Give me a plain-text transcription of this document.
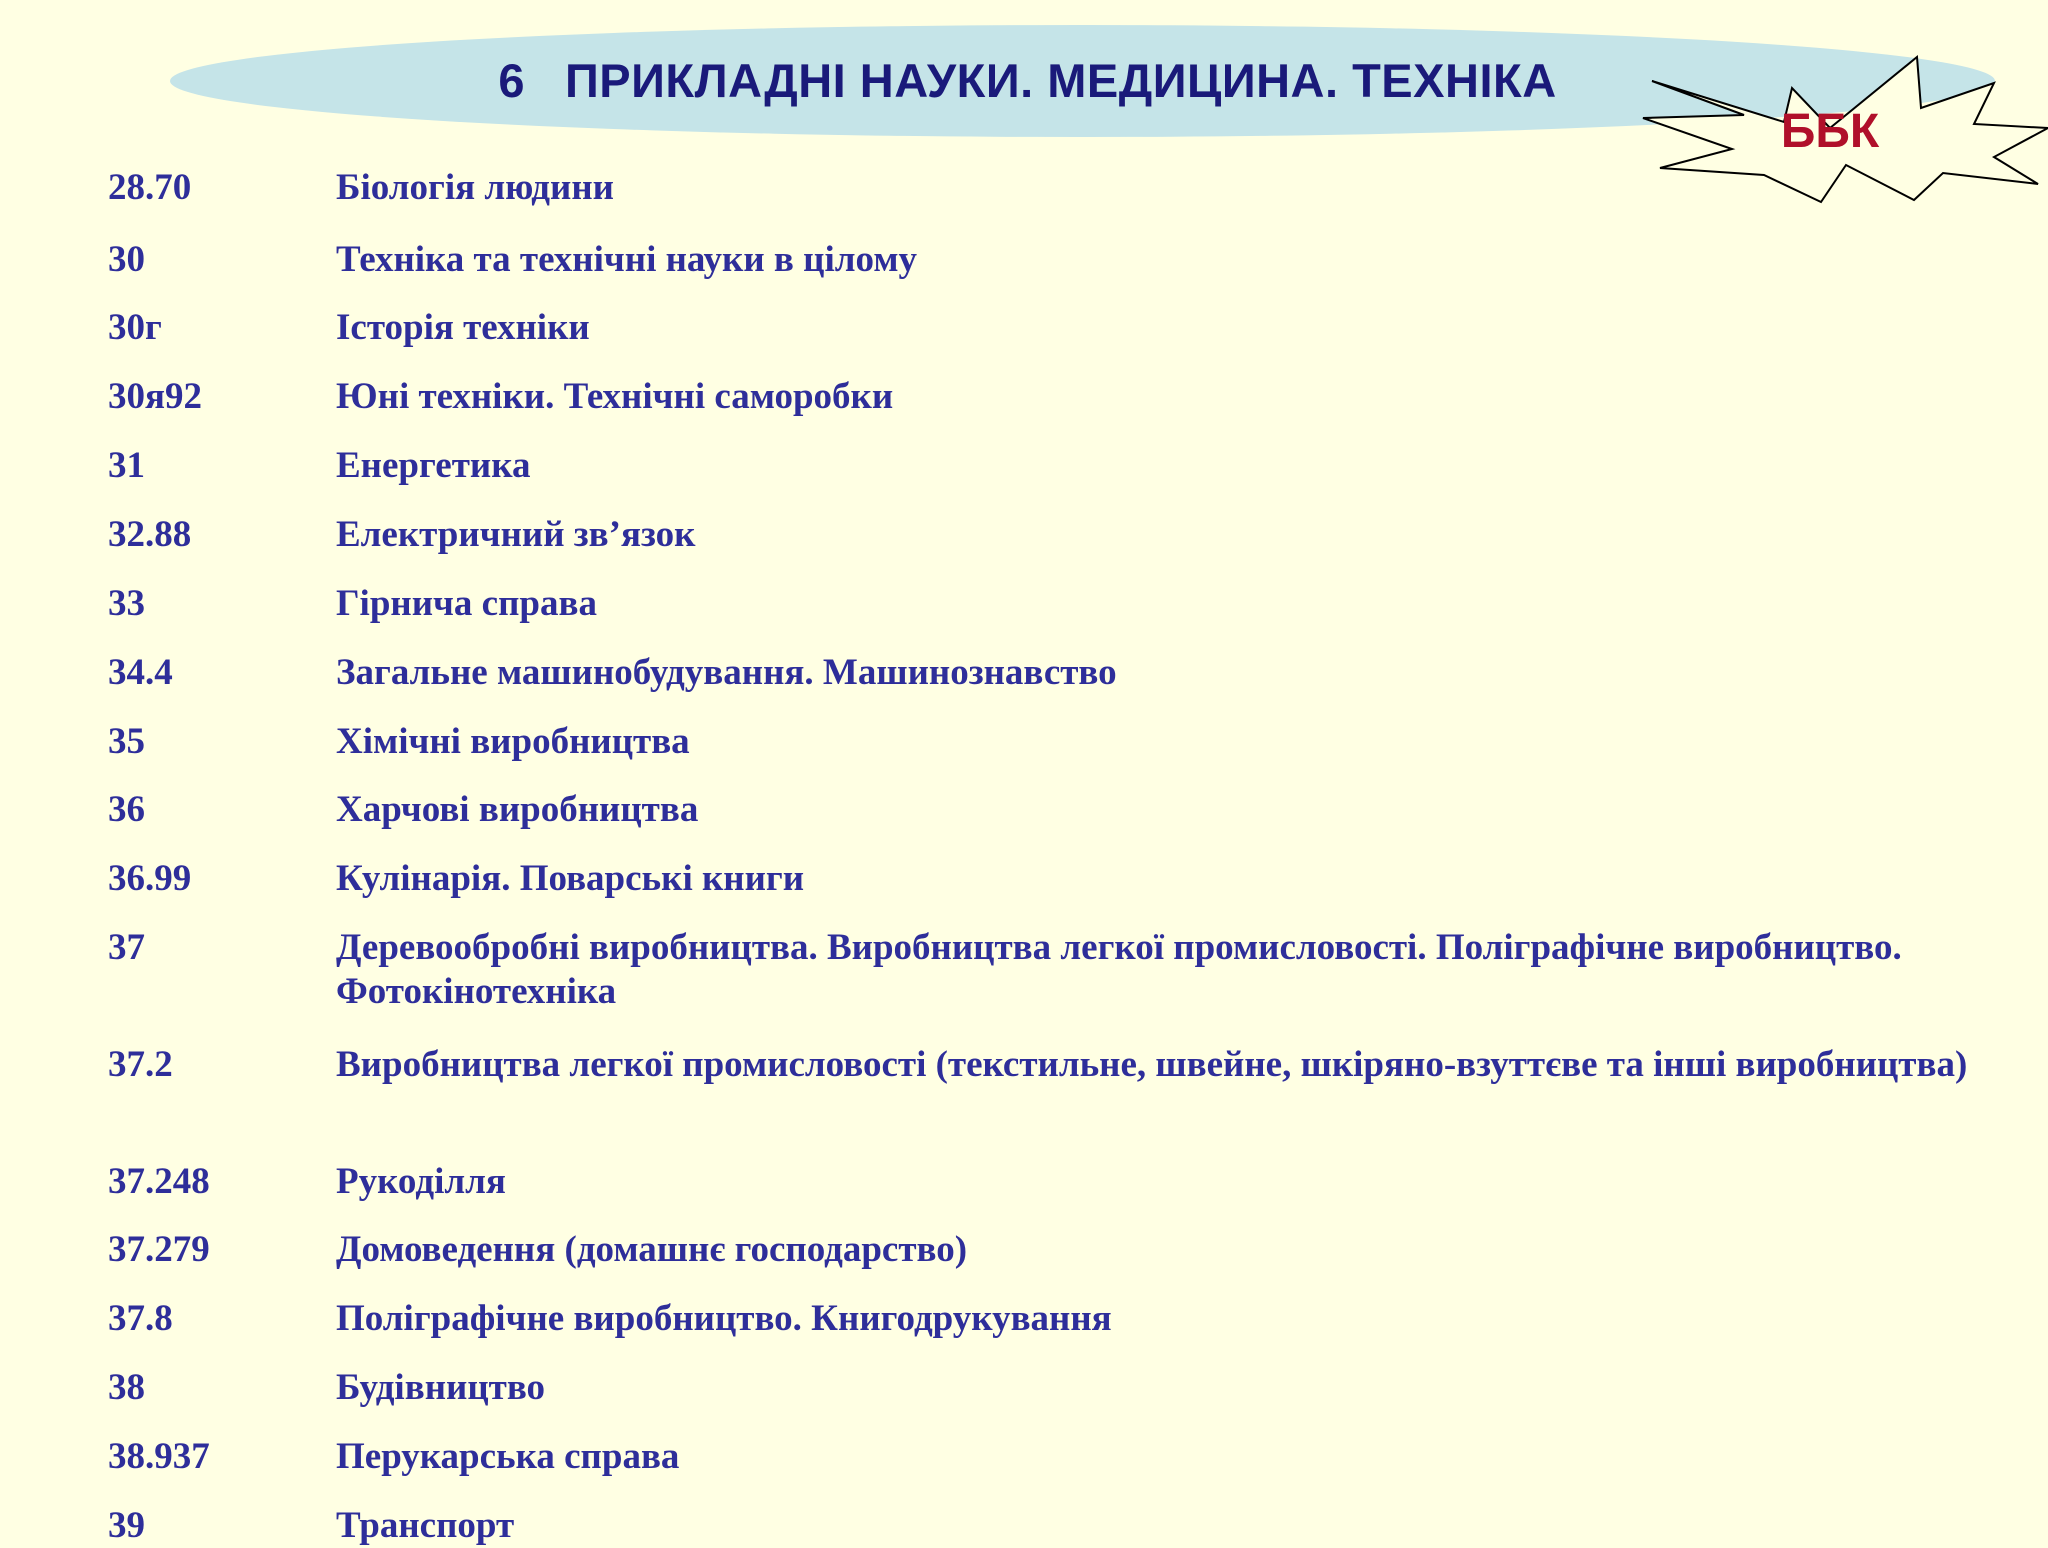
6 ПРИКЛАДНІ НАУКИ. МЕДИЦИНА. ТЕХНІКА
ББК
28.70	Біологія людини
30	Техніка та технічні науки в цілому
30г	Історія техніки
30я92	Юні техніки. Технічні саморобки
31	Енергетика
32.88	Електричний зв’язок
33	Гірнича справа
34.4	Загальне машинобудування. Машинознавство
35	Хімічні виробництва
36	Харчові виробництва
36.99	Кулінарія. Поварські книги
37	Деревообробні виробництва. Виробництва легкої промисловості. Поліграфічне виробництво. Фотокінотехніка
37.2	Виробництва легкої промисловості (текстильне, швейне, шкіряно-взуттєве та інші виробництва)
37.248	Рукоділля
37.279	Домоведення (домашнє господарство)
37.8	Поліграфічне виробництво. Книгодрукування
38	Будівництво
38.937	Перукарська справа
39	Транспорт
